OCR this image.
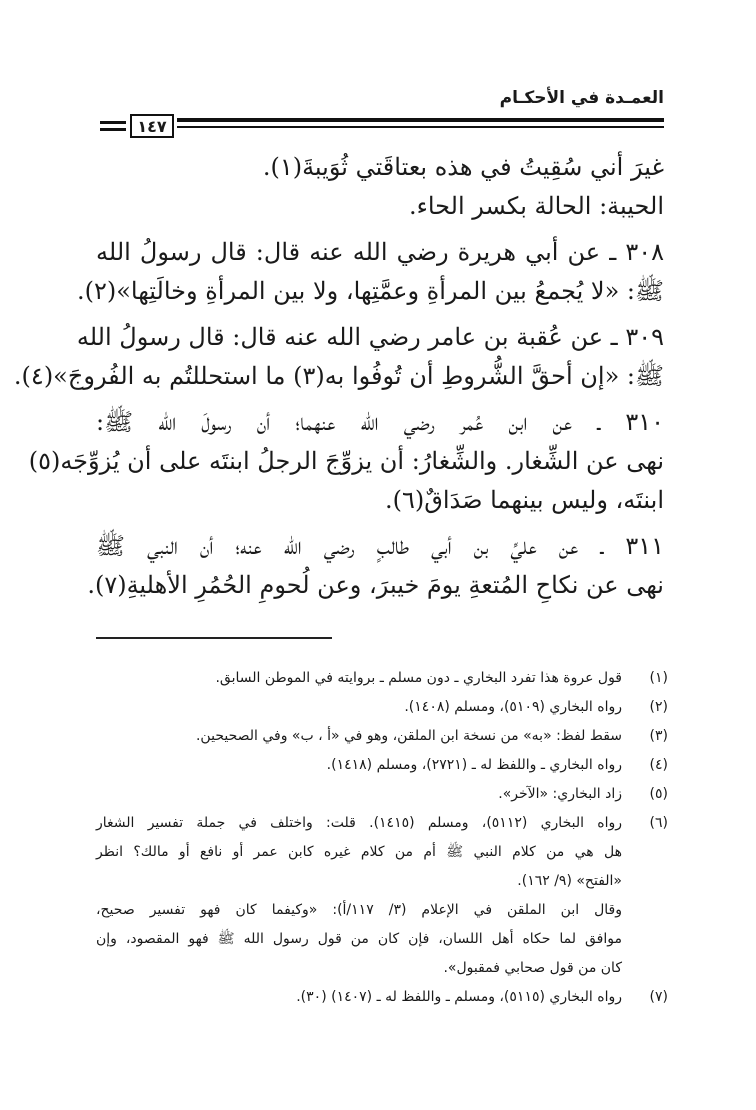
العمـدة في الأحكـام
١٤٧
غيرَ أني سُقِيتُ في هذه بعتاقَتي ثُوَيبةَ(١).
الحيبة: الحالة بكسر الحاء.
٣٠٨ ـ عن أبي هريرة رضي الله عنه قال: قال رسولُ الله
ﷺ: «لا يُجمعُ بين المرأةِ وعمَّتِها، ولا بين المرأةِ وخالَتِها»(٢).
٣٠٩ ـ عن عُقبة بن عامر رضي الله عنه قال: قال رسولُ الله
ﷺ: «إن أحقَّ الشُّروطِ أن تُوفُوا به(٣) ما استحللتُم به الفُروجَ»(٤).
٣١٠ ـ عن ابن عُمر رضي الله عنهما؛ أن رسولَ الله ﷺ:
نهى عن الشِّغار. والشِّغارُ: أن يزوِّجَ الرجلُ ابنتَه على أن يُزوِّجَه(٥)
ابنتَه، وليس بينهما صَدَاقٌ(٦).
٣١١ ـ عن عليِّ بن أبي طالبٍ رضي الله عنه؛ أن النبي ﷺ
نهى عن نكاحِ المُتعةِ يومَ خيبرَ، وعن لُحومِ الحُمُرِ الأهليةِ(٧).
(١)
قول عروة هذا تفرد البخاري ـ دون مسلم ـ بروايته في الموطن السابق.
(٢)
رواه البخاري (٥١٠٩)، ومسلم (١٤٠٨).
(٣)
سقط لفظ: «به» من نسخة ابن الملقن، وهو في «أ ، ب» وفي الصحيحين.
(٤)
رواه البخاري ـ واللفظ له ـ (٢٧٢١)، ومسلم (١٤١٨).
(٥)
زاد البخاري: «الآخر».
(٦)
رواه البخاري (٥١١٢)، ومسلم (١٤١٥). قلت: واختلف في جملة تفسير الشغار
هل هي من كلام النبي ﷺ أم من كلام غيره كابن عمر أو نافع أو مالك؟ انظر
«الفتح» (٩/ ١٦٢).
وقال ابن الملقن في الإعلام (٣/ ١١٧/أ): «وكيفما كان فهو تفسير صحيح،
موافق لما حكاه أهل اللسان، فإن كان من قول رسول الله ﷺ فهو المقصود، وإن
كان من قول صحابي فمقبول».
(٧)
رواه البخاري (٥١١٥)، ومسلم ـ واللفظ له ـ (١٤٠٧) (٣٠).
